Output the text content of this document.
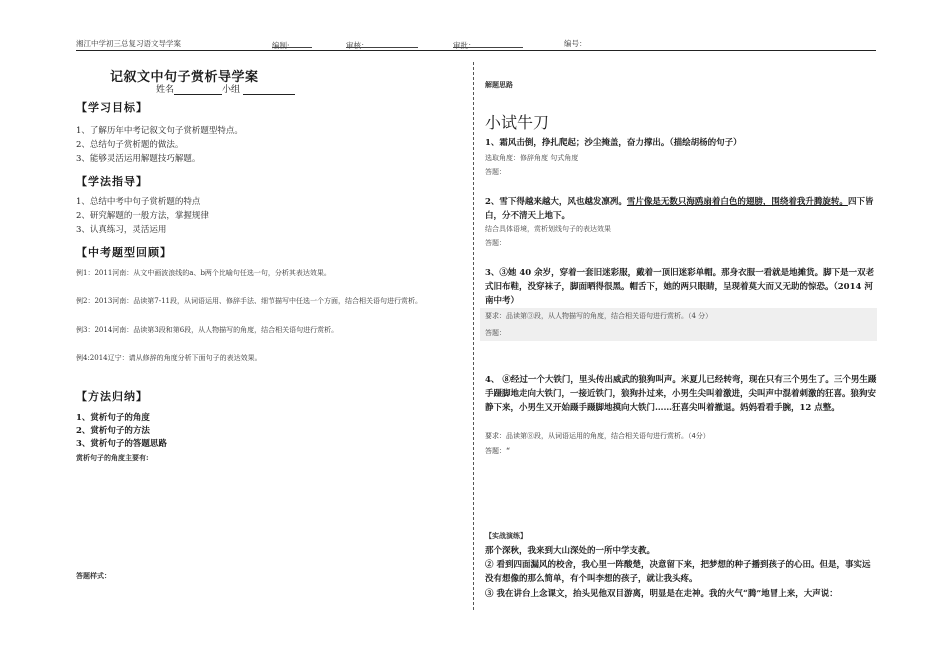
湘江中学初三总复习语文导学案	编制:	审核：	审批：	编号：
记叙文中句子赏析导学案
姓名	小组
【学习目标】
1、了解历年中考记叙文句子赏析题型特点。
2、总结句子赏析题的做法。
3、能够灵活运用解题技巧解题。
【学法指导】
1、总结中考中句子赏析题的特点
2、研究解题的一般方法，掌握规律
3、认真练习，灵活运用
【中考题型回顾】
例1：2011河南：从文中画波浪线的a、b两个比喻句任选一句，分析其表达效果。
例2：2013河南：品读第7-11段，从词语运用、修辞手法、细节描写中任选一个方面，结合相关语句进行赏析。
例3：2014河南：品读第3段和第6段，从人物描写的角度，结合相关语句进行赏析。
例4:2014辽宁：请从修辞的角度分析下面句子的表达效果。
【方法归纳】
1、赏析句子的角度
2、赏析句子的方法
3、赏析句子的答题思路
赏析句子的角度主要有:
答题样式：
解题思路
小试牛刀
1、霜风击倒，挣扎爬起；沙尘掩盖，奋力撑出。（描绘胡杨的句子）
选取角度：修辞角度 句式角度
答题：
2、雪下得越来越大，风也越发凛冽。雪片像是无数只海鸥扇着白色的翅膀，围绕着我升腾旋转。四下皆白，分不清天上地下。
结合具体语境，赏析划线句子的表达效果
答题：
3、③她 40 余岁，穿着一套旧迷彩服，戴着一顶旧迷彩单帽。那身衣服一看就是地摊货。脚下是一双老式旧布鞋，没穿袜子，脚面晒得很黑。帽舌下，她的两只眼睛，呈现着莫大而又无助的惊恐。（2014 河南中考）
要求：品读第③段，从人物描写的角度，结合相关语句进行赏析。（4 分）
答题：
4、 ⑧经过一个大铁门，里头传出威武的狼狗叫声。米夏儿已经转弯，现在只有三个男生了。三个男生蹑手蹑脚地走向大铁门，一接近铁门，狼狗扑过来，小男生尖叫着激进，尖叫声中混着刺激的狂喜。狼狗安静下来，小男生又开始蹑手蹑脚地摸向大铁门……狂喜尖叫着撤退。妈妈看看手腕，12 点整。
要求：品读第⑧段，从词语运用的角度，结合相关语句进行赏析。（4分）
答题：“
【实战演练】
那个深秋，我来到大山深处的一所中学支教。
② 看到四面漏风的校舍，我心里一阵酸楚，决意留下来，把梦想的种子播到孩子的心田。但是，事实远没有想像的那么简单，有个叫李想的孩子，就让我头疼。
③ 我在讲台上念课文，抬头见他双目游离，明显是在走神。我的火气“腾”地冒上来，大声说：
